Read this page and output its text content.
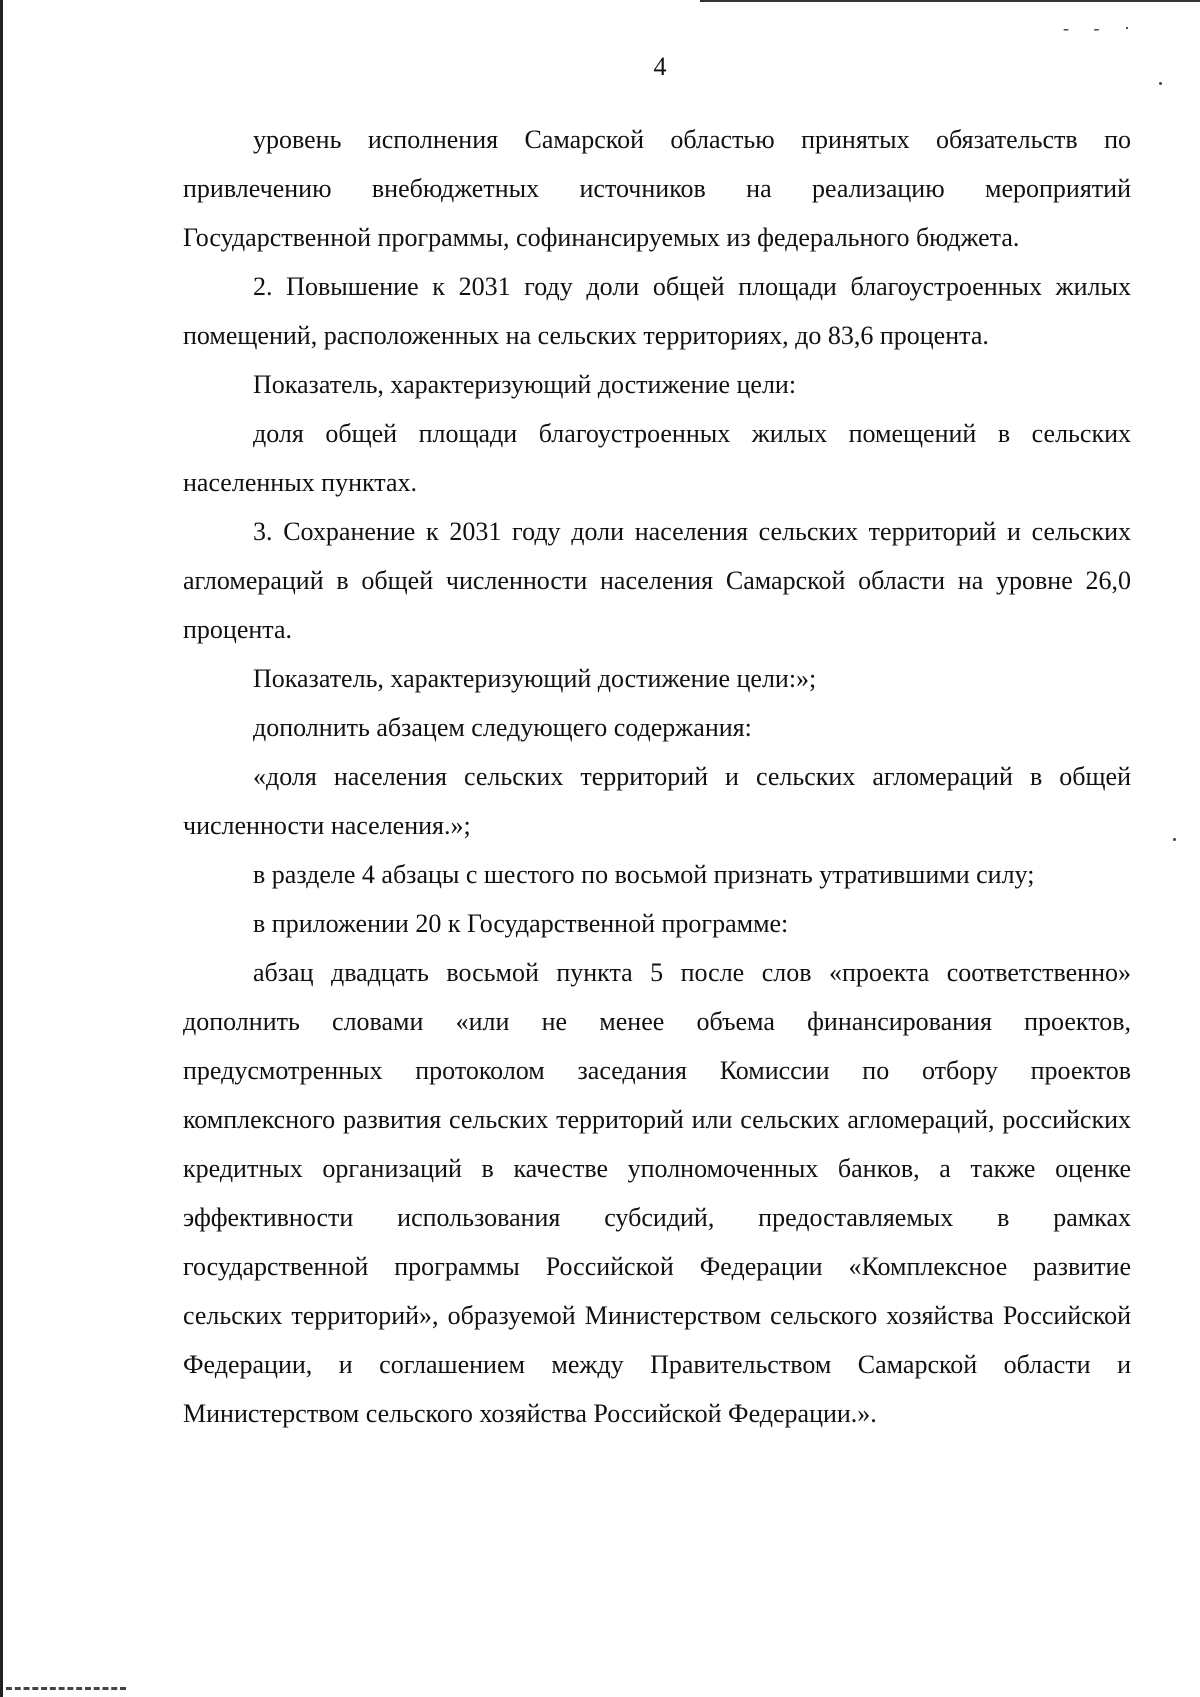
- - ·
4

уровень исполнения Самарской областью принятых обязательств по привлечению внебюджетных источников на реализацию мероприятий Государственной программы, софинансируемых из федерального бюджета.

2. Повышение к 2031 году доли общей площади благоустроенных жилых помещений, расположенных на сельских территориях, до 83,6 процента.

Показатель, характеризующий достижение цели:

доля общей площади благоустроенных жилых помещений в сельских населенных пунктах.

3. Сохранение к 2031 году доли населения сельских территорий и сельских агломераций в общей численности населения Самарской области на уровне 26,0 процента.

Показатель, характеризующий достижение цели:»;

дополнить абзацем следующего содержания:

«доля населения сельских территорий и сельских агломераций в общей численности населения.»;

в разделе 4 абзацы с шестого по восьмой признать утратившими силу;

в приложении 20 к Государственной программе:

абзац двадцать восьмой пункта 5 после слов «проекта соответственно» дополнить словами «или не менее объема финансирования проектов, предусмотренных протоколом заседания Комиссии по отбору проектов комплексного развития сельских территорий или сельских агломераций, российских кредитных организаций в качестве уполномоченных банков, а также оценке эффективности использования субсидий, предоставляемых в рамках государственной программы Российской Федерации «Комплексное развитие сельских территорий», образуемой Министерством сельского хозяйства Российской Федерации, и соглашением между Правительством Самарской области и Министерством сельского хозяйства Российской Федерации.».
